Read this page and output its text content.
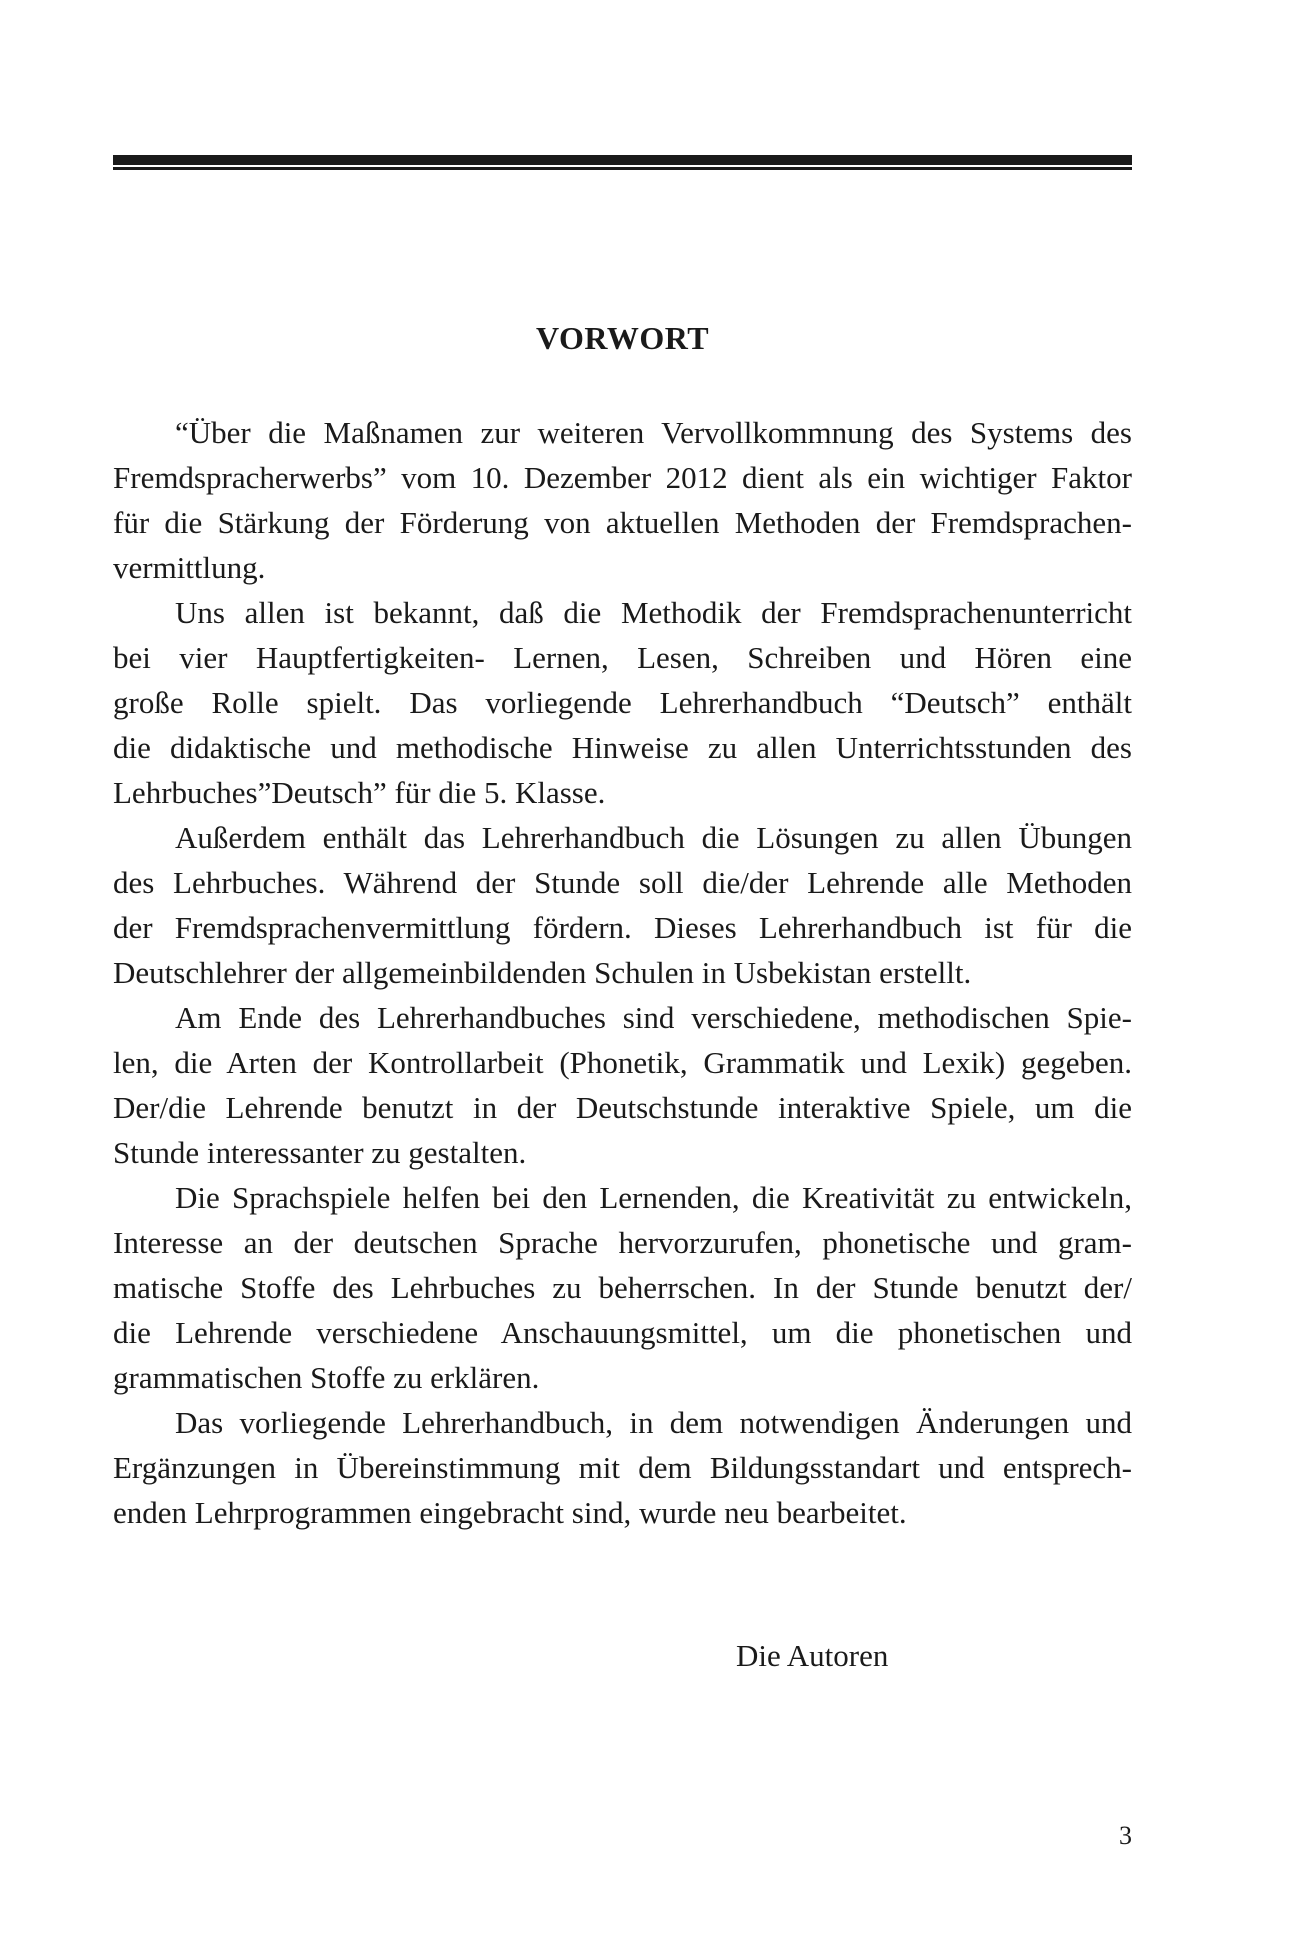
VORWORT

“Über die Maßnamen zur weiteren Vervollkommnung des Systems des
Fremdspracherwerbs” vom 10. Dezember 2012 dient als ein wichtiger Faktor
für die Stärkung der Förderung von aktuellen Methoden der Fremdsprachen-
vermittlung.

Uns allen ist bekannt, daß die Methodik der Fremdsprachenunterricht
bei vier Hauptfertigkeiten- Lernen, Lesen, Schreiben und Hören eine
große Rolle spielt. Das vorliegende Lehrerhandbuch “Deutsch” enthält
die didaktische und methodische Hinweise zu allen Unterrichtsstunden des
Lehrbuches”Deutsch” für die 5. Klasse.

Außerdem enthält das Lehrerhandbuch die Lösungen zu allen Übungen
des Lehrbuches. Während der Stunde soll die/der Lehrende alle Methoden
der Fremdsprachenvermittlung fördern. Dieses Lehrerhandbuch ist für die
Deutschlehrer der allgemeinbildenden Schulen in Usbekistan erstellt.

Am Ende des Lehrerhandbuches sind verschiedene, methodischen Spie-
len, die Arten der Kontrollarbeit (Phonetik, Grammatik und Lexik) gegeben.
Der/die Lehrende benutzt in der Deutschstunde interaktive Spiele, um die
Stunde interessanter zu gestalten.

Die Sprachspiele helfen bei den Lernenden, die Kreativität zu entwickeln,
Interesse an der deutschen Sprache hervorzurufen, phonetische und gram-
matische Stoffe des Lehrbuches zu beherrschen. In der Stunde benutzt der/
die Lehrende verschiedene Anschauungsmittel, um die phonetischen und
grammatischen Stoffe zu erklären.

Das vorliegende Lehrerhandbuch, in dem notwendigen Änderungen und
Ergänzungen in Übereinstimmung mit dem Bildungsstandart und entsprech-
enden Lehrprogrammen eingebracht sind, wurde neu bearbeitet.

Die Autoren
3
